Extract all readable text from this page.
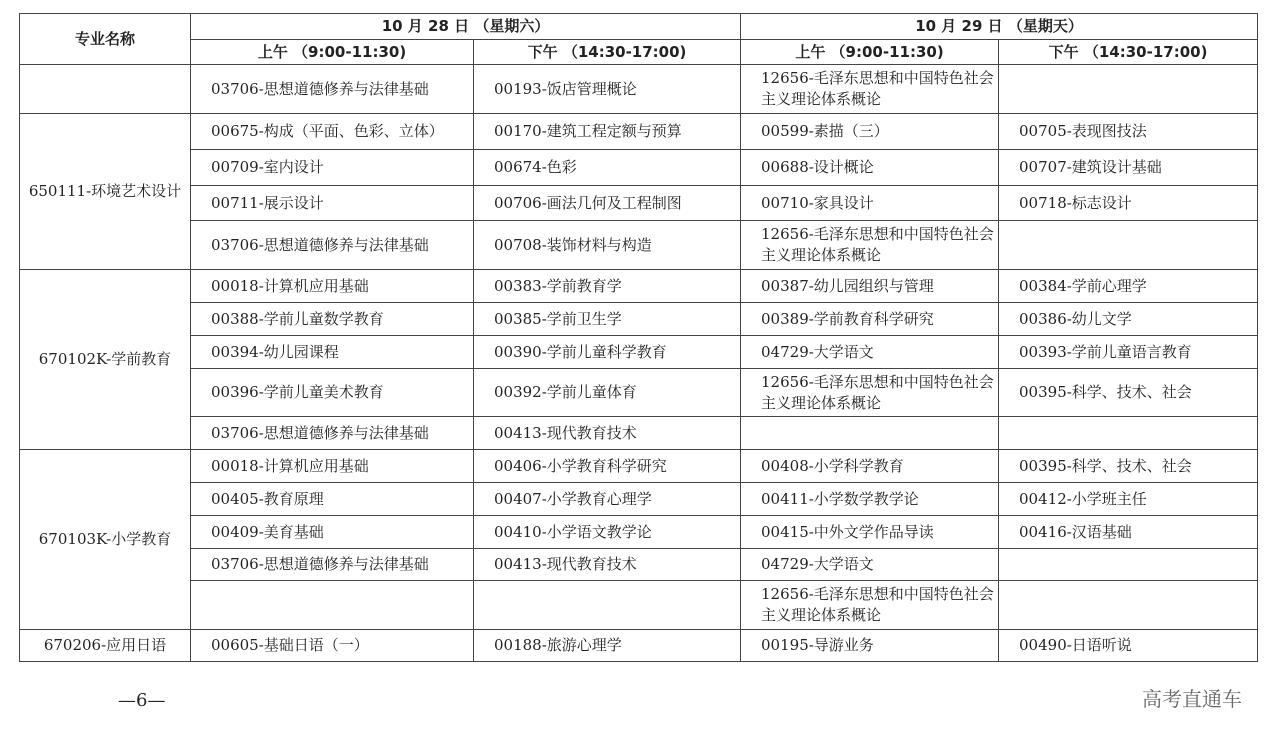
专业名称	10 月 28 日 （星期六）		10 月 29 日 （星期天）	
	上午 （9:00-11:30)	下午 （14:30-17:00)	上午 （9:00-11:30)	下午 （14:30-17:00)
	03706-思想道德修养与法律基础	00193-饭店管理概论	12656-毛泽东思想和中国特色社会主义理论体系概论	
650111-环境艺术设计	00675-构成（平面、色彩、立体）	00170-建筑工程定额与预算	00599-素描（三）	00705-表现图技法
	00709-室内设计	00674-色彩	00688-设计概论	00707-建筑设计基础
	00711-展示设计	00706-画法几何及工程制图	00710-家具设计	00718-标志设计
	03706-思想道德修养与法律基础	00708-装饰材料与构造	12656-毛泽东思想和中国特色社会主义理论体系概论	
670102K-学前教育	00018-计算机应用基础	00383-学前教育学	00387-幼儿园组织与管理	00384-学前心理学
	00388-学前儿童数学教育	00385-学前卫生学	00389-学前教育科学研究	00386-幼儿文学
	00394-幼儿园课程	00390-学前儿童科学教育	04729-大学语文	00393-学前儿童语言教育
	00396-学前儿童美术教育	00392-学前儿童体育	12656-毛泽东思想和中国特色社会主义理论体系概论	00395-科学、技术、社会
	03706-思想道德修养与法律基础	00413-现代教育技术		
670103K-小学教育	00018-计算机应用基础	00406-小学教育科学研究	00408-小学科学教育	00395-科学、技术、社会
	00405-教育原理	00407-小学教育心理学	00411-小学数学教学论	00412-小学班主任
	00409-美育基础	00410-小学语文教学论	00415-中外文学作品导读	00416-汉语基础
	03706-思想道德修养与法律基础	00413-现代教育技术	04729-大学语文	
			12656-毛泽东思想和中国特色社会主义理论体系概论	
670206-应用日语	00605-基础日语（一）	00188-旅游心理学	00195-导游业务	00490-日语听说
—6—	高考直通车
